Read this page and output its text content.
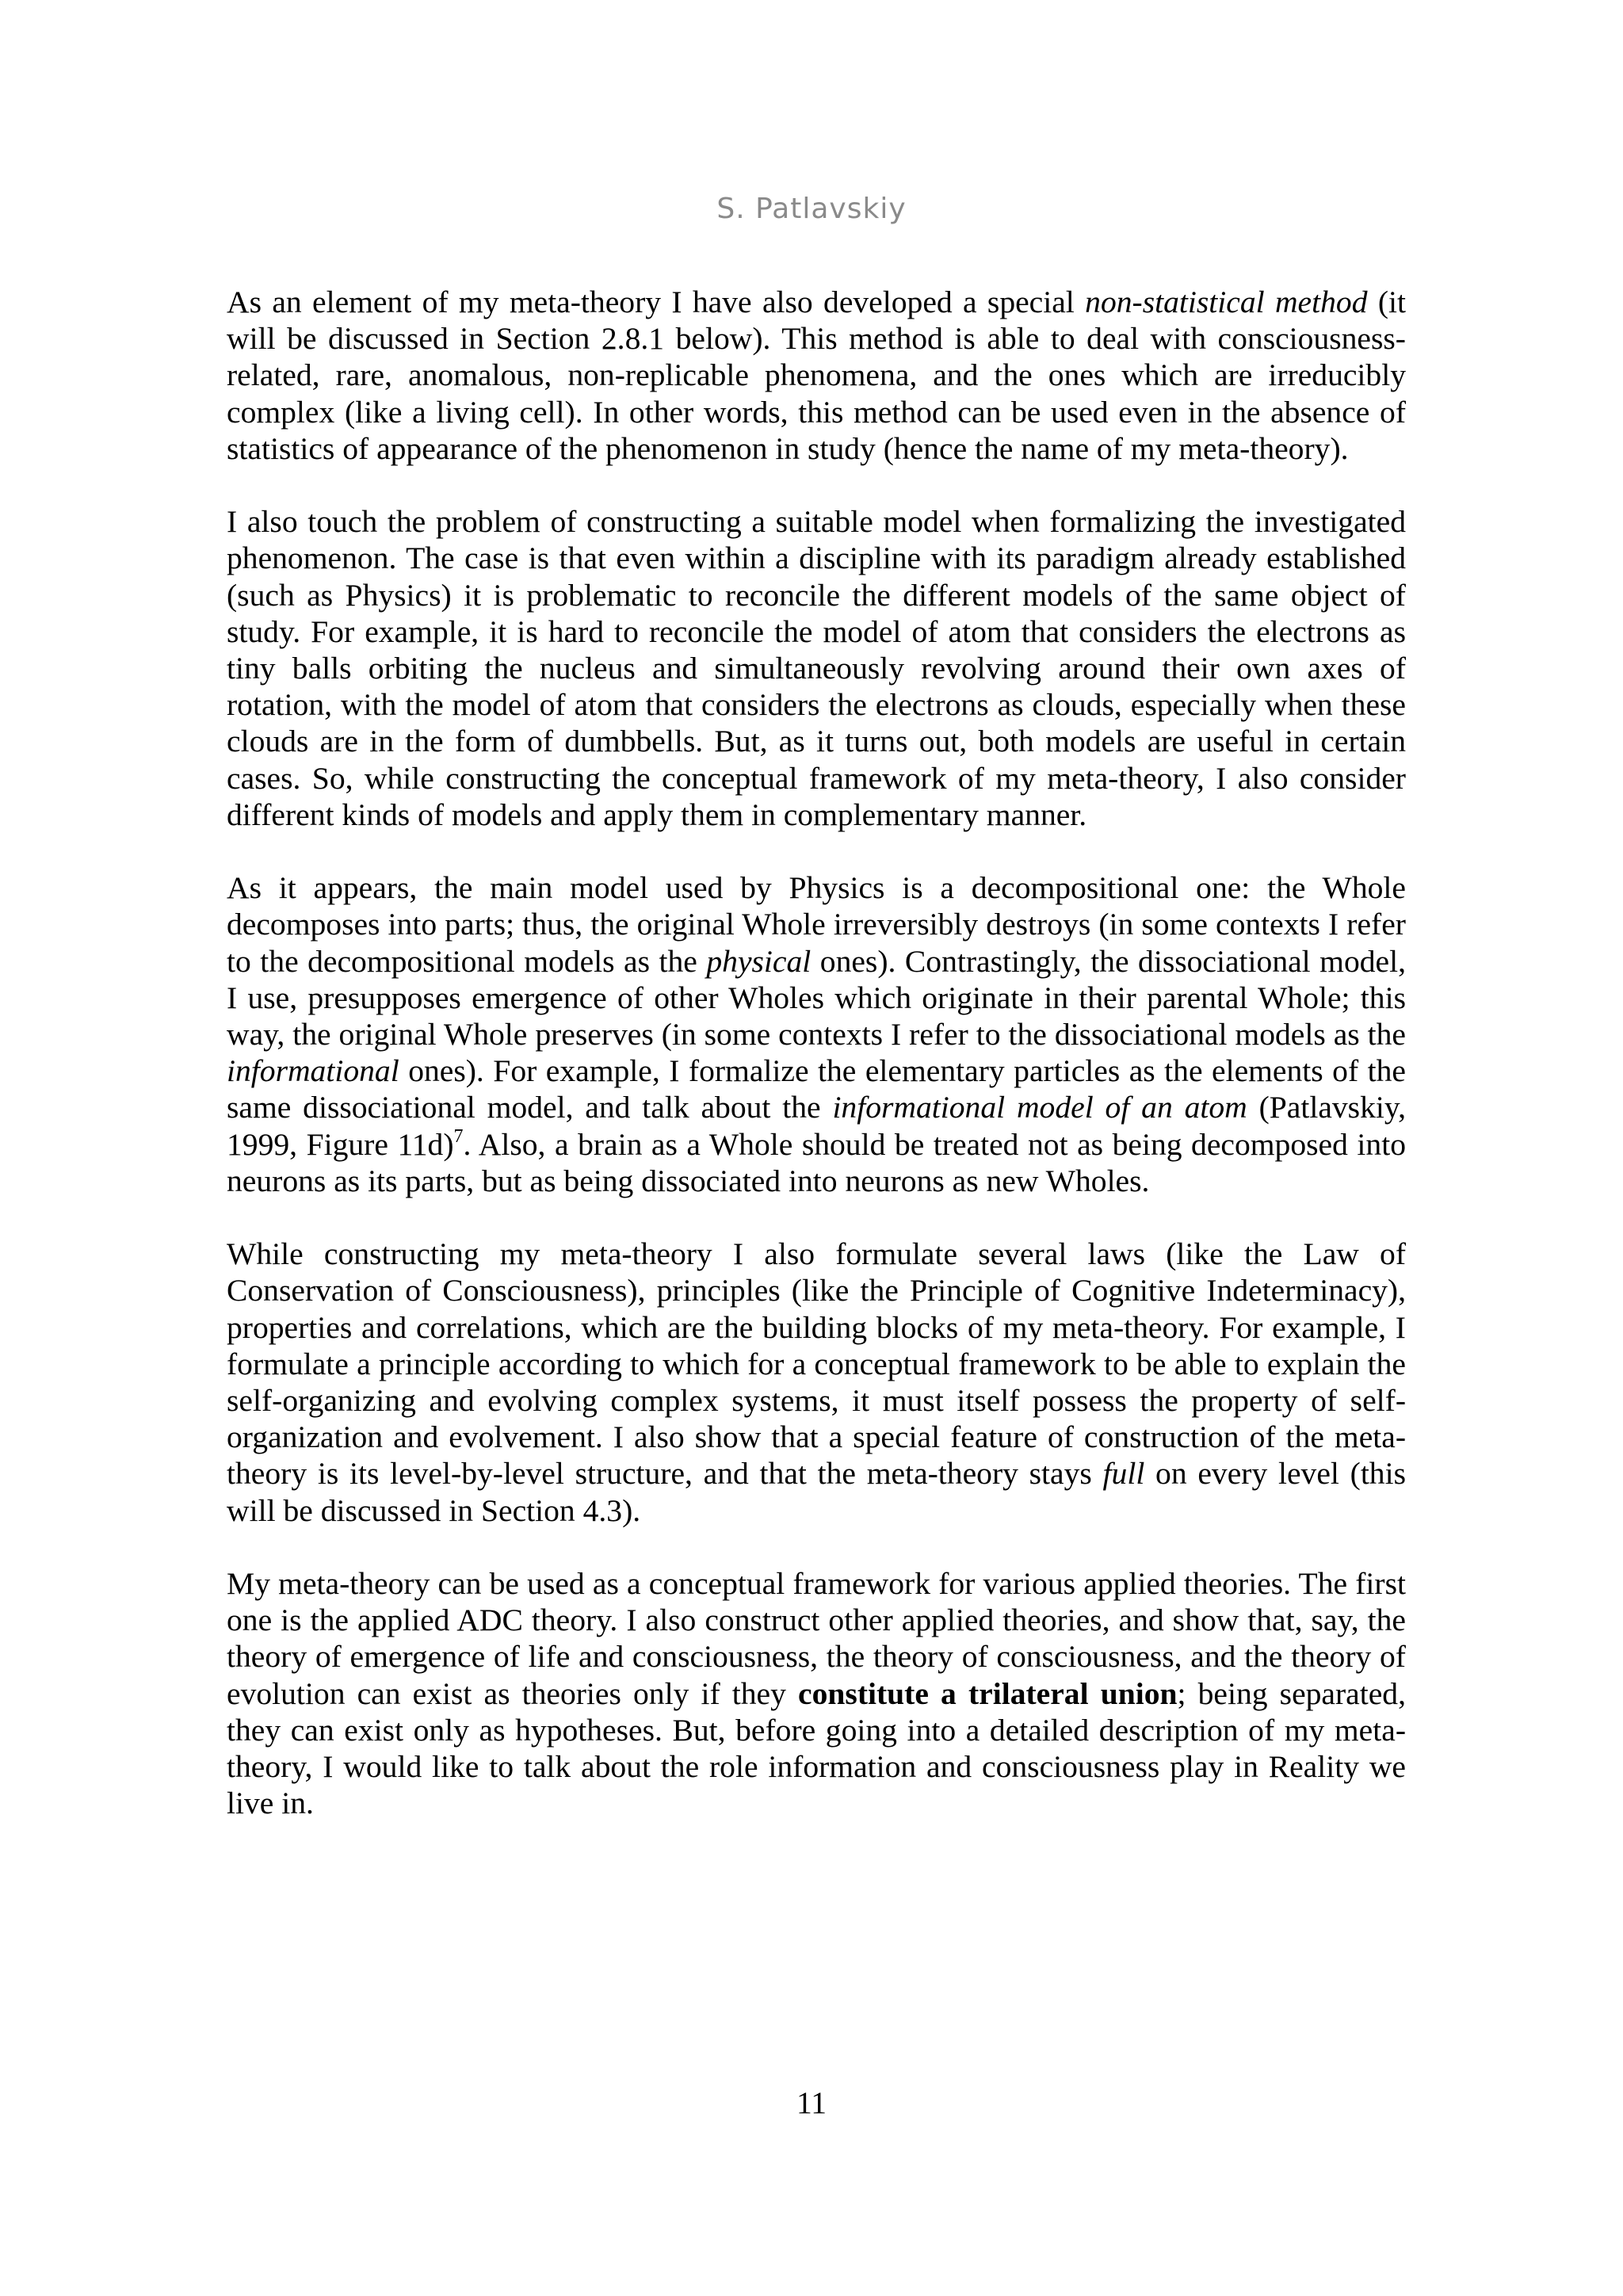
S. Patlavskiy

As an element of my meta-theory I have also developed a special non-statistical method (it will be discussed in Section 2.8.1 below). This method is able to deal with consciousness-related, rare, anomalous, non-replicable phenomena, and the ones which are irreducibly complex (like a living cell). In other words, this method can be used even in the absence of statistics of appearance of the phenomenon in study (hence the name of my meta-theory).

I also touch the problem of constructing a suitable model when formalizing the investigated phenomenon. The case is that even within a discipline with its paradigm already established (such as Physics) it is problematic to reconcile the different models of the same object of study. For example, it is hard to reconcile the model of atom that considers the electrons as tiny balls orbiting the nucleus and simultaneously revolving around their own axes of rotation, with the model of atom that considers the electrons as clouds, especially when these clouds are in the form of dumbbells. But, as it turns out, both models are useful in certain cases. So, while constructing the conceptual framework of my meta-theory, I also consider different kinds of models and apply them in complementary manner.

As it appears, the main model used by Physics is a decompositional one: the Whole decomposes into parts; thus, the original Whole irreversibly destroys (in some contexts I refer to the decompositional models as the physical ones). Contrastingly, the dissociational model, I use, presupposes emergence of other Wholes which originate in their parental Whole; this way, the original Whole preserves (in some contexts I refer to the dissociational models as the informational ones). For example, I formalize the elementary particles as the elements of the same dissociational model, and talk about the informational model of an atom (Patlavskiy, 1999, Figure 11d)$^7$. Also, a brain as a Whole should be treated not as being decomposed into neurons as its parts, but as being dissociated into neurons as new Wholes.

While constructing my meta-theory I also formulate several laws (like the Law of Conservation of Consciousness), principles (like the Principle of Cognitive Indeterminacy), properties and correlations, which are the building blocks of my meta-theory. For example, I formulate a principle according to which for a conceptual framework to be able to explain the self-organizing and evolving complex systems, it must itself possess the property of self-organization and evolvement. I also show that a special feature of construction of the meta-theory is its level-by-level structure, and that the meta-theory stays full on every level (this will be discussed in Section 4.3).

My meta-theory can be used as a conceptual framework for various applied theories. The first one is the applied ADC theory. I also construct other applied theories, and show that, say, the theory of emergence of life and consciousness, the theory of consciousness, and the theory of evolution can exist as theories only if they constitute a trilateral union; being separated, they can exist only as hypotheses. But, before going into a detailed description of my meta-theory, I would like to talk about the role information and consciousness play in Reality we live in.

11
